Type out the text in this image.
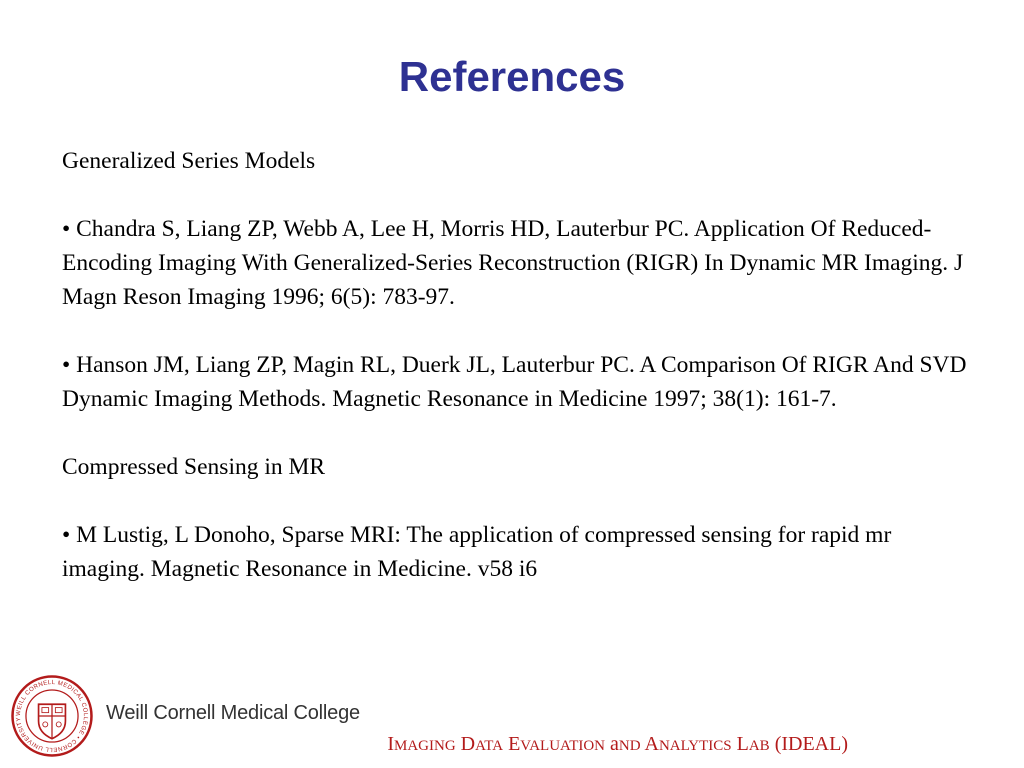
References

Generalized Series Models

• Chandra S, Liang ZP, Webb A, Lee H, Morris HD, Lauterbur PC. Application Of Reduced-Encoding Imaging With Generalized-Series Reconstruction (RIGR) In Dynamic MR Imaging. J Magn Reson Imaging 1996; 6(5): 783-97.

• Hanson JM, Liang ZP, Magin RL, Duerk JL, Lauterbur PC. A Comparison Of RIGR And SVD Dynamic Imaging Methods. Magnetic Resonance in Medicine 1997; 38(1): 161-7.

Compressed Sensing in MR

• M Lustig, L Donoho, Sparse MRI: The application of compressed sensing for rapid mr imaging. Magnetic Resonance in Medicine. v58 i6

WEILL CORNELL MEDICAL COLLEGE • CORNELL UNIVERSITY	Weill Cornell Medical College
IMAGING DATA EVALUATION aND ANALYTICS LAB (IDEAL)
